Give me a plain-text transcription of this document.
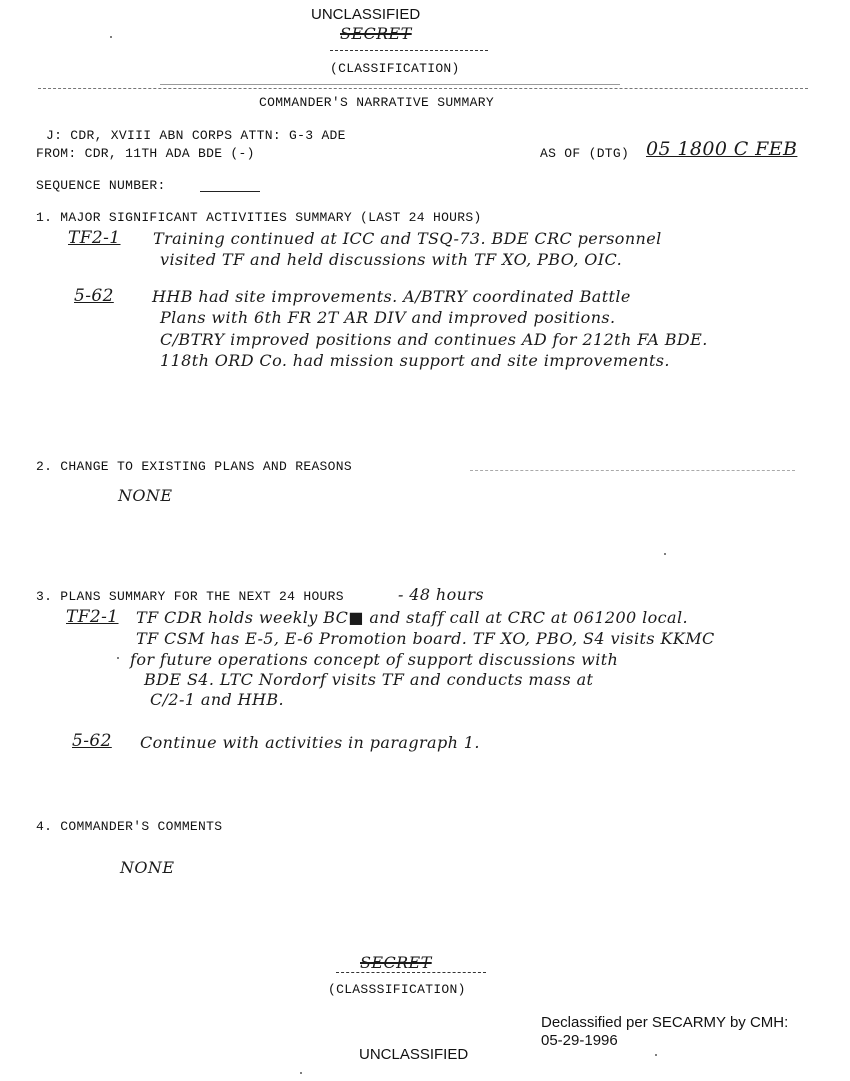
UNCLASSIFIED
SECRET
(CLASSIFICATION)
COMMANDER'S NARRATIVE SUMMARY
J: CDR, XVIII ABN CORPS ATTN: G-3 ADE
FROM: CDR, 11TH ADA BDE (-)	AS OF (DTG) 05 1800 C FEB
SEQUENCE NUMBER:
1. MAJOR SIGNIFICANT ACTIVITIES SUMMARY (LAST 24 HOURS)
TF2-1 Training continued at ICC and TSQ-73. BDE CRC personnel
visited TF and held discussions with TF XO, PBO, OIC.
5-62 HHB had site improvements. A/BTRY coordinated Battle
Plans with 6th FR 2T AR DIV and improved positions.
C/BTRY improved positions and continues AD for 212th FA BDE.
118th ORD Co. had mission support and site improvements.
2. CHANGE TO EXISTING PLANS AND REASONS
NONE
3. PLANS SUMMARY FOR THE NEXT 24 HOURS	- 48 hours
TF2-1 TF CDR holds weekly BC■ and staff call at CRC at 061200 local.
TF CSM has E-5, E-6 Promotion board. TF XO, PBO, S4 visits KKMC
for future operations concept of support discussions with
BDE S4. LTC Nordorf visits TF and conducts mass at
C/2-1 and HHB.
5-62 Continue with activities in paragraph 1.
4. COMMANDER'S COMMENTS
NONE
SECRET
(CLASSSIFICATION)
Declassified per SECARMY by CMH:
05-29-1996
UNCLASSIFIED
